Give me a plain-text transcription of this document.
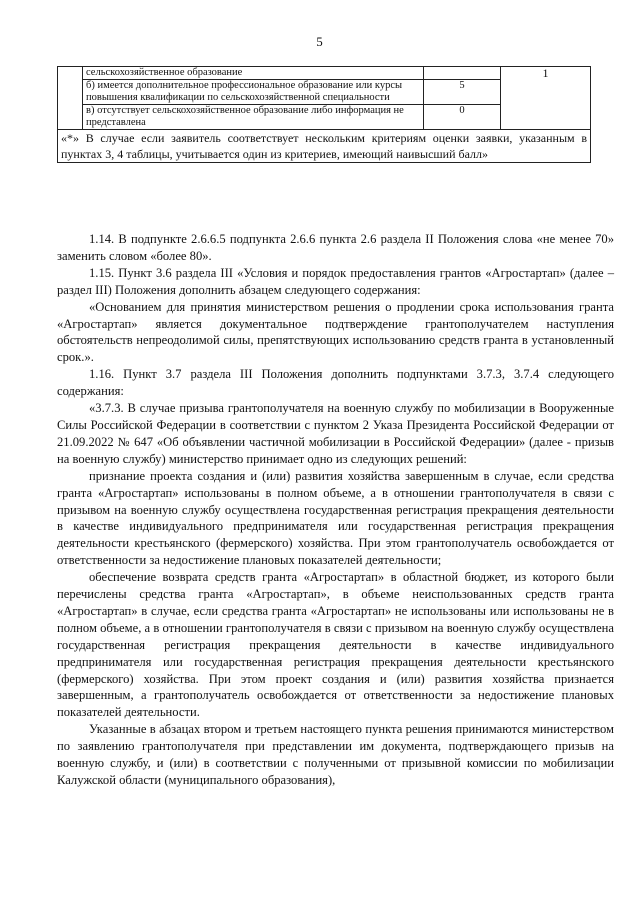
5
	сельскохозяйственное образование		1
	б) имеется дополнительное профессиональное образование или курсы повышения квалификации по сельскохозяйственной специальности	5	
	в) отсутствует сельскохозяйственное образование либо информация не представлена	0	
«*» В случае если заявитель соответствует нескольким критериям оценки заявки, указанным в пунктах 3, 4 таблицы, учитывается один из критериев, имеющий наивысший балл»			

1.14. В подпункте 2.6.6.5 подпункта 2.6.6 пункта 2.6 раздела II Положения слова «не менее 70» заменить словом «более 80».

1.15. Пункт 3.6 раздела III «Условия и порядок предоставления грантов «Агростартап» (далее – раздел III) Положения дополнить абзацем следующего содержания:

«Основанием для принятия министерством решения о продлении срока использования гранта «Агростартап» является документальное подтверждение грантополучателем наступления обстоятельств непреодолимой силы, препятствующих использованию средств гранта в установленный срок.».

1.16. Пункт 3.7 раздела III Положения дополнить подпунктами 3.7.3, 3.7.4 следующего содержания:

«3.7.3. В случае призыва грантополучателя на военную службу по мобилизации в Вооруженные Силы Российской Федерации в соответствии с пунктом 2 Указа Президента Российской Федерации от 21.09.2022 № 647 «Об объявлении частичной мобилизации в Российской Федерации» (далее - призыв на военную службу) министерство принимает одно из следующих решений:

признание проекта создания и (или) развития хозяйства завершенным в случае, если средства гранта «Агростартап» использованы в полном объеме, а в отношении грантополучателя в связи с призывом на военную службу осуществлена государственная регистрация прекращения деятельности в качестве индивидуального предпринимателя или государственная регистрация прекращения деятельности крестьянского (фермерского) хозяйства. При этом грантополучатель освобождается от ответственности за недостижение плановых показателей деятельности;

обеспечение возврата средств гранта «Агростартап» в областной бюджет, из которого были перечислены средства гранта «Агростартап», в объеме неиспользованных средств гранта «Агростартап» в случае, если средства гранта «Агростартап» не использованы или использованы не в полном объеме, а в отношении грантополучателя в связи с призывом на военную службу осуществлена государственная регистрация прекращения деятельности в качестве индивидуального предпринимателя или государственная регистрация прекращения деятельности крестьянского (фермерского) хозяйства. При этом проект создания и (или) развития хозяйства признается завершенным, а грантополучатель освобождается от ответственности за недостижение плановых показателей деятельности.

Указанные в абзацах втором и третьем настоящего пункта решения принимаются министерством по заявлению грантополучателя при представлении им документа, подтверждающего призыв на военную службу, и (или) в соответствии с полученными от призывной комиссии по мобилизации Калужской области (муниципального образования),
